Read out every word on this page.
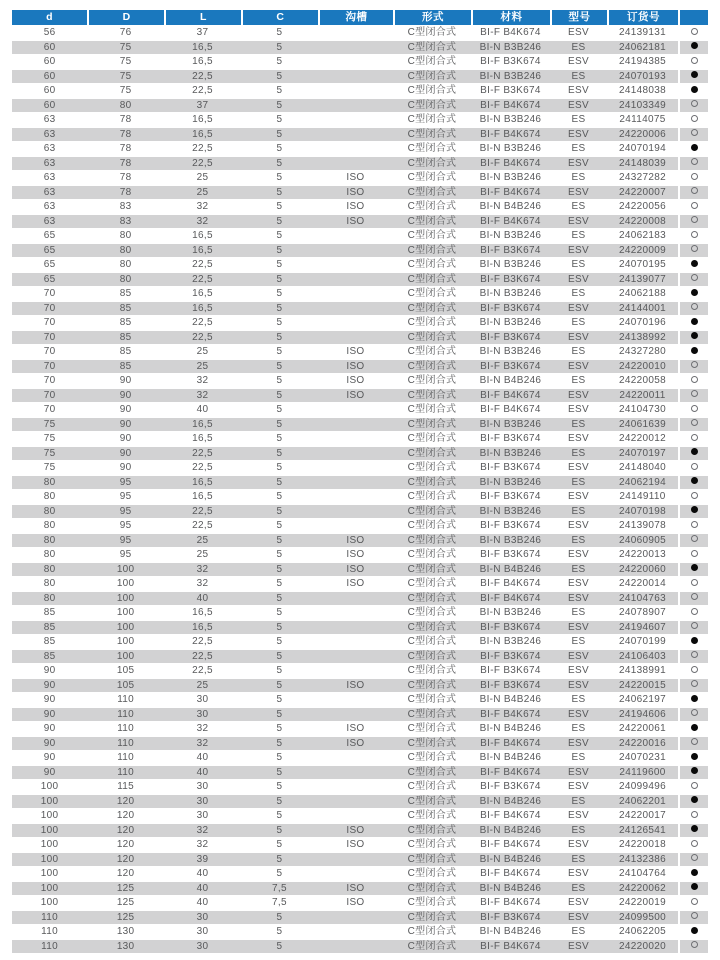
d	D	L	C	沟槽	形式	材料	型号	订货号	
56	76	37	5		C型闭合式	BI-F B4K674	ESV	24139131	
60	75	16,5	5		C型闭合式	BI-N B3B246	ES	24062181	
60	75	16,5	5		C型闭合式	BI-F B3K674	ESV	24194385	
60	75	22,5	5		C型闭合式	BI-N B3B246	ES	24070193	
60	75	22,5	5		C型闭合式	BI-F B3K674	ESV	24148038	
60	80	37	5		C型闭合式	BI-F B4K674	ESV	24103349	
63	78	16,5	5		C型闭合式	BI-N B3B246	ES	24114075	
63	78	16,5	5		C型闭合式	BI-F B4K674	ESV	24220006	
63	78	22,5	5		C型闭合式	BI-N B3B246	ES	24070194	
63	78	22,5	5		C型闭合式	BI-F B4K674	ESV	24148039	
63	78	25	5	ISO	C型闭合式	BI-N B3B246	ES	24327282	
63	78	25	5	ISO	C型闭合式	BI-F B4K674	ESV	24220007	
63	83	32	5	ISO	C型闭合式	BI-N B4B246	ES	24220056	
63	83	32	5	ISO	C型闭合式	BI-F B4K674	ESV	24220008	
65	80	16,5	5		C型闭合式	BI-N B3B246	ES	24062183	
65	80	16,5	5		C型闭合式	BI-F B3K674	ESV	24220009	
65	80	22,5	5		C型闭合式	BI-N B3B246	ES	24070195	
65	80	22,5	5		C型闭合式	BI-F B3K674	ESV	24139077	
70	85	16,5	5		C型闭合式	BI-N B3B246	ES	24062188	
70	85	16,5	5		C型闭合式	BI-F B3K674	ESV	24144001	
70	85	22,5	5		C型闭合式	BI-N B3B246	ES	24070196	
70	85	22,5	5		C型闭合式	BI-F B3K674	ESV	24138992	
70	85	25	5	ISO	C型闭合式	BI-N B3B246	ES	24327280	
70	85	25	5	ISO	C型闭合式	BI-F B3K674	ESV	24220010	
70	90	32	5	ISO	C型闭合式	BI-N B4B246	ES	24220058	
70	90	32	5	ISO	C型闭合式	BI-F B4K674	ESV	24220011	
70	90	40	5		C型闭合式	BI-F B4K674	ESV	24104730	
75	90	16,5	5		C型闭合式	BI-N B3B246	ES	24061639	
75	90	16,5	5		C型闭合式	BI-F B3K674	ESV	24220012	
75	90	22,5	5		C型闭合式	BI-N B3B246	ES	24070197	
75	90	22,5	5		C型闭合式	BI-F B3K674	ESV	24148040	
80	95	16,5	5		C型闭合式	BI-N B3B246	ES	24062194	
80	95	16,5	5		C型闭合式	BI-F B3K674	ESV	24149110	
80	95	22,5	5		C型闭合式	BI-N B3B246	ES	24070198	
80	95	22,5	5		C型闭合式	BI-F B3K674	ESV	24139078	
80	95	25	5	ISO	C型闭合式	BI-N B3B246	ES	24060905	
80	95	25	5	ISO	C型闭合式	BI-F B3K674	ESV	24220013	
80	100	32	5	ISO	C型闭合式	BI-N B4B246	ES	24220060	
80	100	32	5	ISO	C型闭合式	BI-F B4K674	ESV	24220014	
80	100	40	5		C型闭合式	BI-F B4K674	ESV	24104763	
85	100	16,5	5		C型闭合式	BI-N B3B246	ES	24078907	
85	100	16,5	5		C型闭合式	BI-F B3K674	ESV	24194607	
85	100	22,5	5		C型闭合式	BI-N B3B246	ES	24070199	
85	100	22,5	5		C型闭合式	BI-F B3K674	ESV	24106403	
90	105	22,5	5		C型闭合式	BI-F B3K674	ESV	24138991	
90	105	25	5	ISO	C型闭合式	BI-F B3K674	ESV	24220015	
90	110	30	5		C型闭合式	BI-N B4B246	ES	24062197	
90	110	30	5		C型闭合式	BI-F B4K674	ESV	24194606	
90	110	32	5	ISO	C型闭合式	BI-N B4B246	ES	24220061	
90	110	32	5	ISO	C型闭合式	BI-F B4K674	ESV	24220016	
90	110	40	5		C型闭合式	BI-N B4B246	ES	24070231	
90	110	40	5		C型闭合式	BI-F B4K674	ESV	24119600	
100	115	30	5		C型闭合式	BI-F B3K674	ESV	24099496	
100	120	30	5		C型闭合式	BI-N B4B246	ES	24062201	
100	120	30	5		C型闭合式	BI-F B4K674	ESV	24220017	
100	120	32	5	ISO	C型闭合式	BI-N B4B246	ES	24126541	
100	120	32	5	ISO	C型闭合式	BI-F B4K674	ESV	24220018	
100	120	39	5		C型闭合式	BI-N B4B246	ES	24132386	
100	120	40	5		C型闭合式	BI-F B4K674	ESV	24104764	
100	125	40	7,5	ISO	C型闭合式	BI-N B4B246	ES	24220062	
100	125	40	7,5	ISO	C型闭合式	BI-F B4K674	ESV	24220019	
110	125	30	5		C型闭合式	BI-F B3K674	ESV	24099500	
110	130	30	5		C型闭合式	BI-N B4B246	ES	24062205	
110	130	30	5		C型闭合式	BI-F B4K674	ESV	24220020	
